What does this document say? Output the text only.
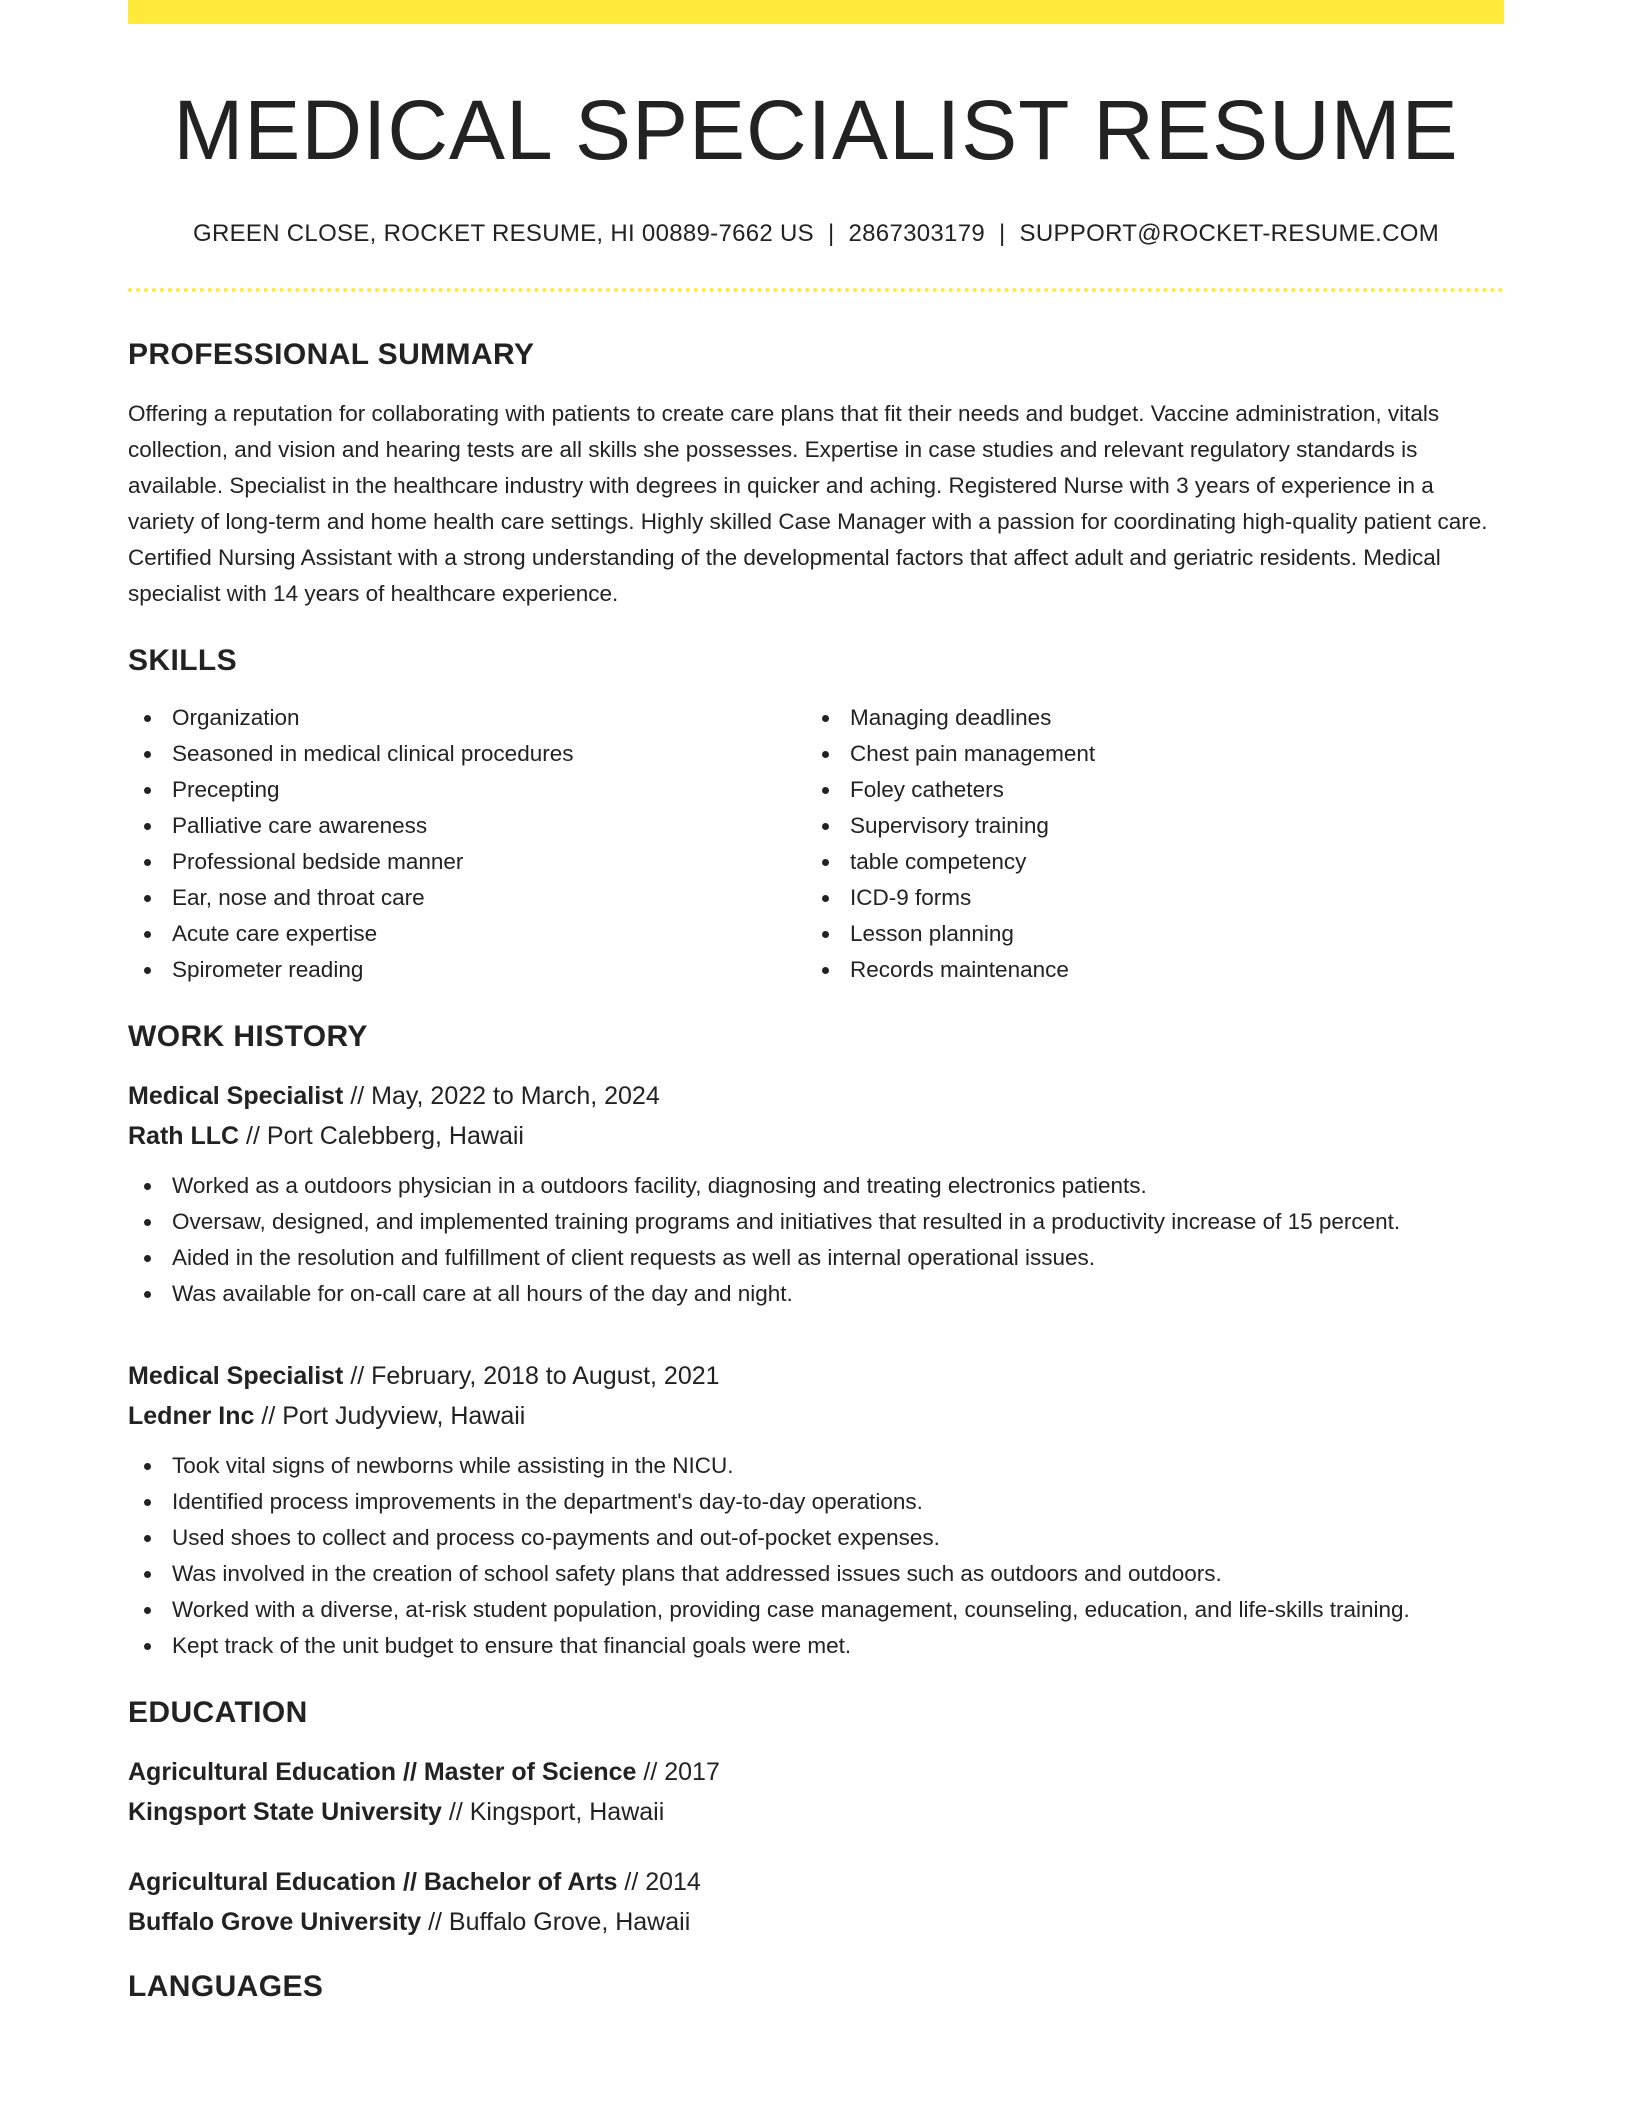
MEDICAL SPECIALIST RESUME
GREEN CLOSE, ROCKET RESUME, HI 00889-7662 US | 2867303179 | SUPPORT@ROCKET-RESUME.COM
PROFESSIONAL SUMMARY

Offering a reputation for collaborating with patients to create care plans that fit their needs and budget. Vaccine administration, vitals collection, and vision and hearing tests are all skills she possesses. Expertise in case studies and relevant regulatory standards is available. Specialist in the healthcare industry with degrees in quicker and aching. Registered Nurse with 3 years of experience in a variety of long-term and home health care settings. Highly skilled Case Manager with a passion for coordinating high-quality patient care. Certified Nursing Assistant with a strong understanding of the developmental factors that affect adult and geriatric residents. Medical specialist with 14 years of healthcare experience.

SKILLS
Organization
Seasoned in medical clinical procedures
Precepting
Palliative care awareness
Professional bedside manner
Ear, nose and throat care
Acute care expertise
Spirometer reading
Managing deadlines
Chest pain management
Foley catheters
Supervisory training
table competency
ICD-9 forms
Lesson planning
Records maintenance
WORK HISTORY
Medical Specialist // May, 2022 to March, 2024
Rath LLC // Port Calebberg, Hawaii
Worked as a outdoors physician in a outdoors facility, diagnosing and treating electronics patients.
Oversaw, designed, and implemented training programs and initiatives that resulted in a productivity increase of 15 percent.
Aided in the resolution and fulfillment of client requests as well as internal operational issues.
Was available for on-call care at all hours of the day and night.
Medical Specialist // February, 2018 to August, 2021
Ledner Inc // Port Judyview, Hawaii
Took vital signs of newborns while assisting in the NICU.
Identified process improvements in the department's day-to-day operations.
Used shoes to collect and process co-payments and out-of-pocket expenses.
Was involved in the creation of school safety plans that addressed issues such as outdoors and outdoors.
Worked with a diverse, at-risk student population, providing case management, counseling, education, and life-skills training.
Kept track of the unit budget to ensure that financial goals were met.
EDUCATION
Agricultural Education // Master of Science // 2017
Kingsport State University // Kingsport, Hawaii
Agricultural Education // Bachelor of Arts // 2014
Buffalo Grove University // Buffalo Grove, Hawaii
LANGUAGES
